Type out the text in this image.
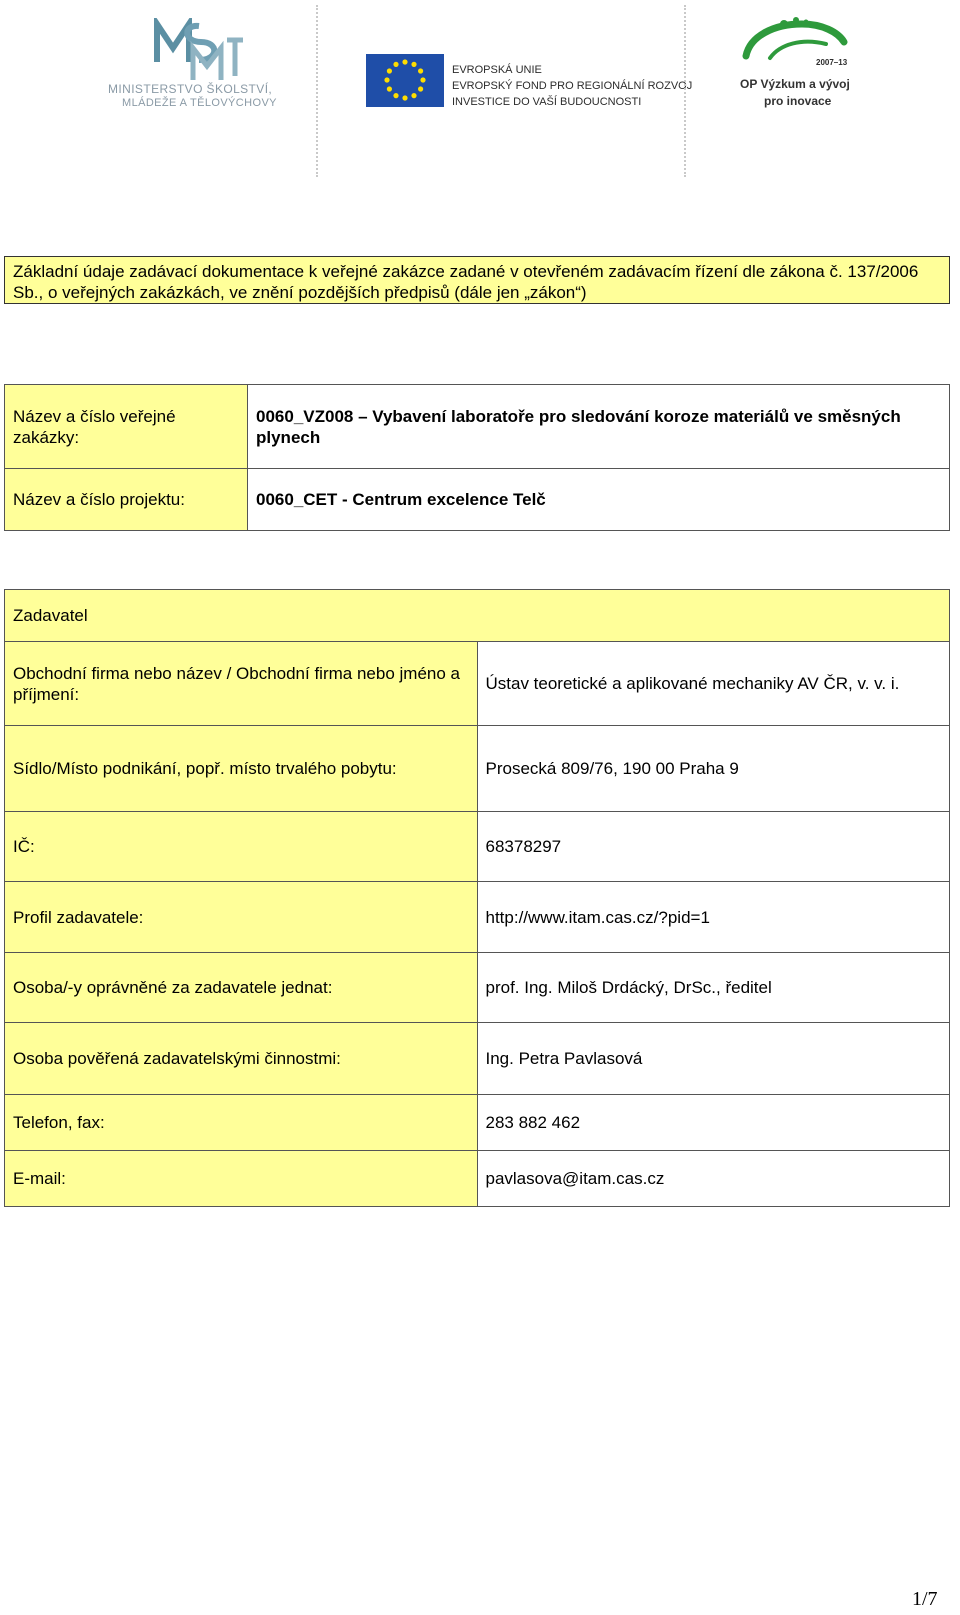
MINISTERSTVO ŠKOLSTVÍ,
MLÁDEŽE A TĚLOVÝCHOVY
EVROPSKÁ UNIE
EVROPSKÝ FOND PRO REGIONÁLNÍ ROZVOJ
INVESTICE DO VAŠÍ BUDOUCNOSTI
2007–13
OP Výzkum a vývoj
pro inovace
Základní údaje zadávací dokumentace k veřejné zakázce zadané v otevřeném zadávacím řízení dle zákona č. 137/2006 Sb., o veřejných zakázkách, ve znění pozdějších předpisů (dále jen „zákon“)
Název a číslo veřejné zakázky:	0060_VZ008 – Vybavení laboratoře pro sledování koroze materiálů ve směsných plynech
Název a číslo projektu:	0060_CET - Centrum excelence Telč
Zadavatel	
Obchodní firma nebo název / Obchodní firma nebo jméno a příjmení:	Ústav teoretické a aplikované mechaniky AV ČR, v. v. i.
Sídlo/Místo podnikání, popř. místo trvalého pobytu:	Prosecká 809/76, 190 00 Praha 9
IČ:	68378297
Profil zadavatele:	http://www.itam.cas.cz/?pid=1
Osoba/-y oprávněné za zadavatele jednat:	prof. Ing. Miloš Drdácký, DrSc., ředitel
Osoba pověřená zadavatelskými činnostmi:	Ing. Petra Pavlasová
Telefon, fax:	283 882 462
E-mail:	pavlasova@itam.cas.cz
1/7
